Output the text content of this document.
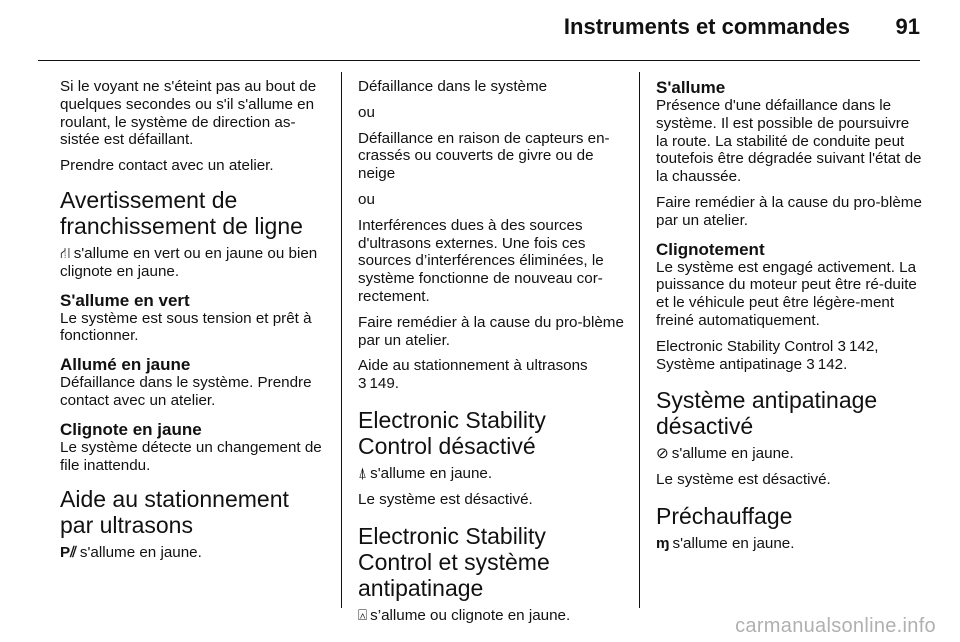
Instruments et commandes 91

Si le voyant ne s'éteint pas au bout de quelques secondes ou s'il s'allume en roulant, le système de direction as-sistée est défaillant.

Prendre contact avec un atelier.

Avertissement de franchissement de ligne

⛙ s'allume en vert ou en jaune ou bien clignote en jaune.

S'allume en vert

Le système est sous tension et prêt à fonctionner.

Allumé en jaune

Défaillance dans le système. Prendre contact avec un atelier.

Clignote en jaune

Le système détecte un changement de file inattendu.

Aide au stationnement par ultrasons

P⫽ s'allume en jaune.

Défaillance dans le système

ou

Défaillance en raison de capteurs en-crassés ou couverts de givre ou de neige

ou

Interférences dues à des sources d'ultrasons externes. Une fois ces sources d’interférences éliminées, le système fonctionne de nouveau cor-rectement.

Faire remédier à la cause du pro-blème par un atelier.

Aide au stationnement à ultrasons
3 149.

Electronic Stability Control désactivé

⍋ s'allume en jaune.

Le système est désactivé.

Electronic Stability Control et système antipatinage

⍓ s’allume ou clignote en jaune.

S'allume

Présence d'une défaillance dans le système. Il est possible de poursuivre la route. La stabilité de conduite peut toutefois être dégradée suivant l'état de la chaussée.

Faire remédier à la cause du pro-blème par un atelier.

Clignotement

Le système est engagé activement. La puissance du moteur peut être ré-duite et le véhicule peut être légère-ment freiné automatiquement.

Electronic Stability Control 3 142,
Système antipatinage 3 142.

Système antipatinage désactivé

⊘ s'allume en jaune.

Le système est désactivé.

Préchauffage

ɱ s'allume en jaune.

carmanualsonline.info
